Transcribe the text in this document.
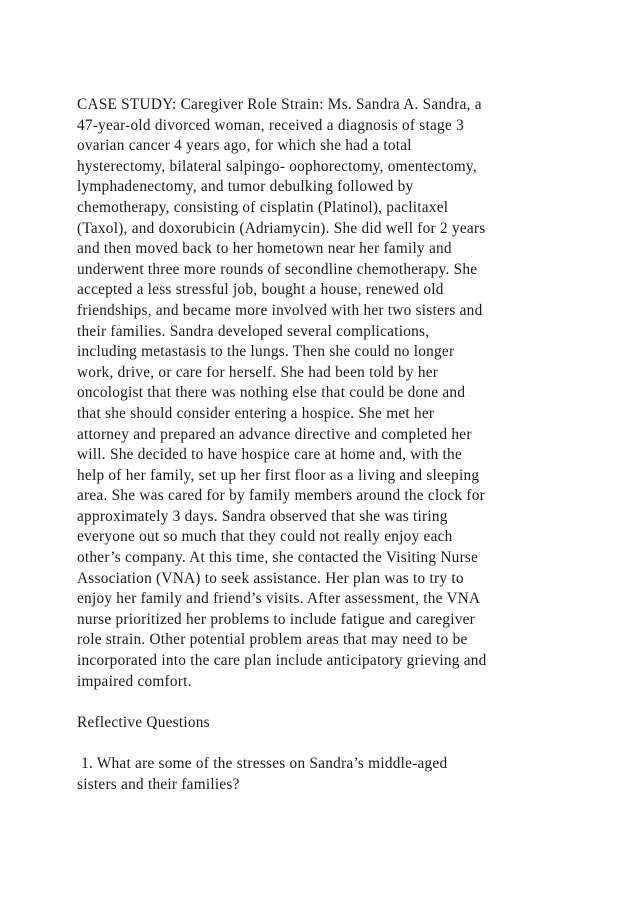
CASE STUDY: Caregiver Role Strain: Ms. Sandra A. Sandra, a
47-year-old divorced woman, received a diagnosis of stage 3
ovarian cancer 4 years ago, for which she had a total
hysterectomy, bilateral salpingo- oophorectomy, omentectomy,
lymphadenectomy, and tumor debulking followed by
chemotherapy, consisting of cisplatin (Platinol), paclitaxel
(Taxol), and doxorubicin (Adriamycin). She did well for 2 years
and then moved back to her hometown near her family and
underwent three more rounds of secondline chemotherapy. She
accepted a less stressful job, bought a house, renewed old
friendships, and became more involved with her two sisters and
their families. Sandra developed several complications,
including metastasis to the lungs. Then she could no longer
work, drive, or care for herself. She had been told by her
oncologist that there was nothing else that could be done and
that she should consider entering a hospice. She met her
attorney and prepared an advance directive and completed her
will. She decided to have hospice care at home and, with the
help of her family, set up her first floor as a living and sleeping
area. She was cared for by family members around the clock for
approximately 3 days. Sandra observed that she was tiring
everyone out so much that they could not really enjoy each
other’s company. At this time, she contacted the Visiting Nurse
Association (VNA) to seek assistance. Her plan was to try to
enjoy her family and friend’s visits. After assessment, the VNA
nurse prioritized her problems to include fatigue and caregiver
role strain. Other potential problem areas that may need to be
incorporated into the care plan include anticipatory grieving and
impaired comfort.
Reflective Questions
1. What are some of the stresses on Sandra’s middle-aged
sisters and their families?
